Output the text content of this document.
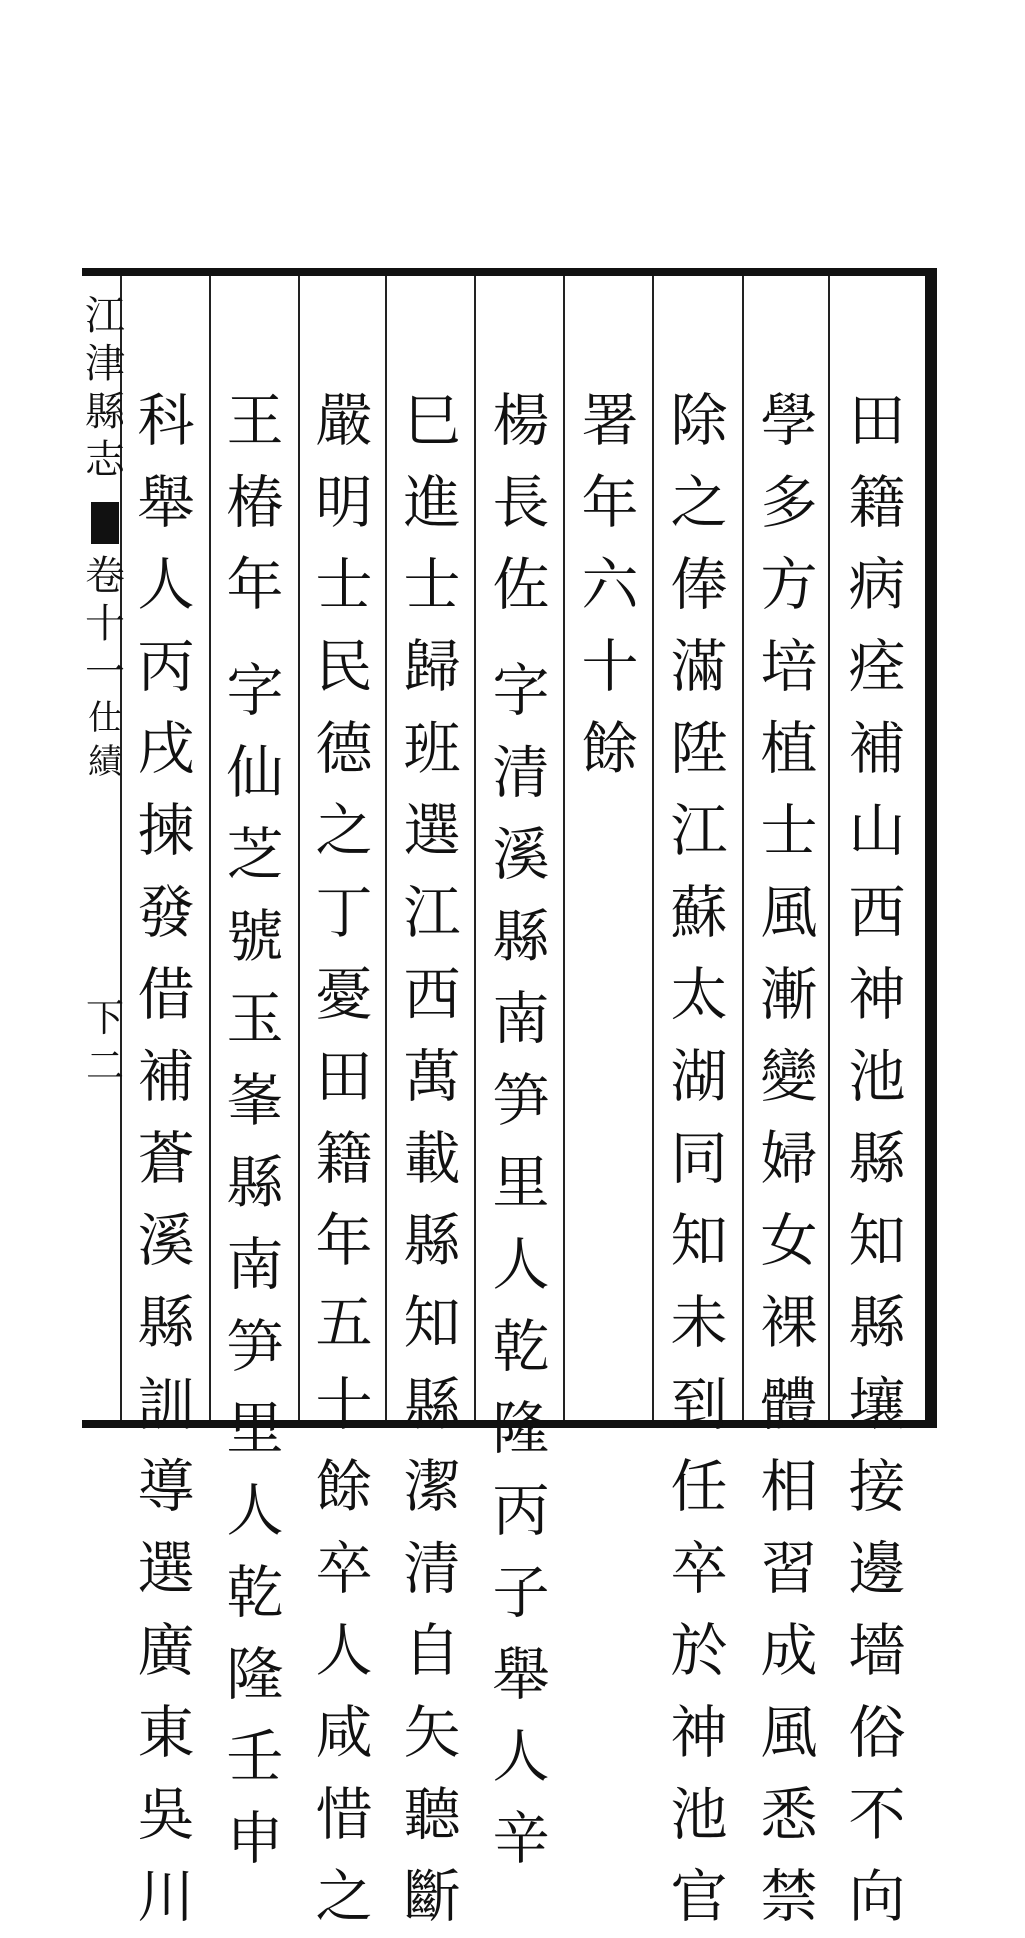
田
籍
病
痊
補
山
西
神
池
縣
知
縣
壤
接
邊
墻
俗
不
向
學
多
方
培
植
士
風
漸
變
婦
女
裸
體
相
習
成
風
悉
禁
除
之
俸
滿
陞
江
蘇
太
湖
同
知
未
到
任
卒
於
神
池
官
署
年
六
十
餘
楊
長
佐
字
清
溪
縣
南
笋
里
人
乾
隆
丙
子
舉
人
辛
巳
進
士
歸
班
選
江
西
萬
載
縣
知
縣
潔
清
自
矢
聽
斷
嚴
明
士
民
德
之
丁
憂
田
籍
年
五
十
餘
卒
人
咸
惜
之
王
椿
年
字
仙
芝
號
玉
峯
縣
南
笋
里
人
乾
隆
壬
申
科
舉
人
丙
戌
揀
發
借
補
蒼
溪
縣
訓
導
選
廣
東
吳
川
江
津
縣
志
卷
十
一
仕
績
下
二
